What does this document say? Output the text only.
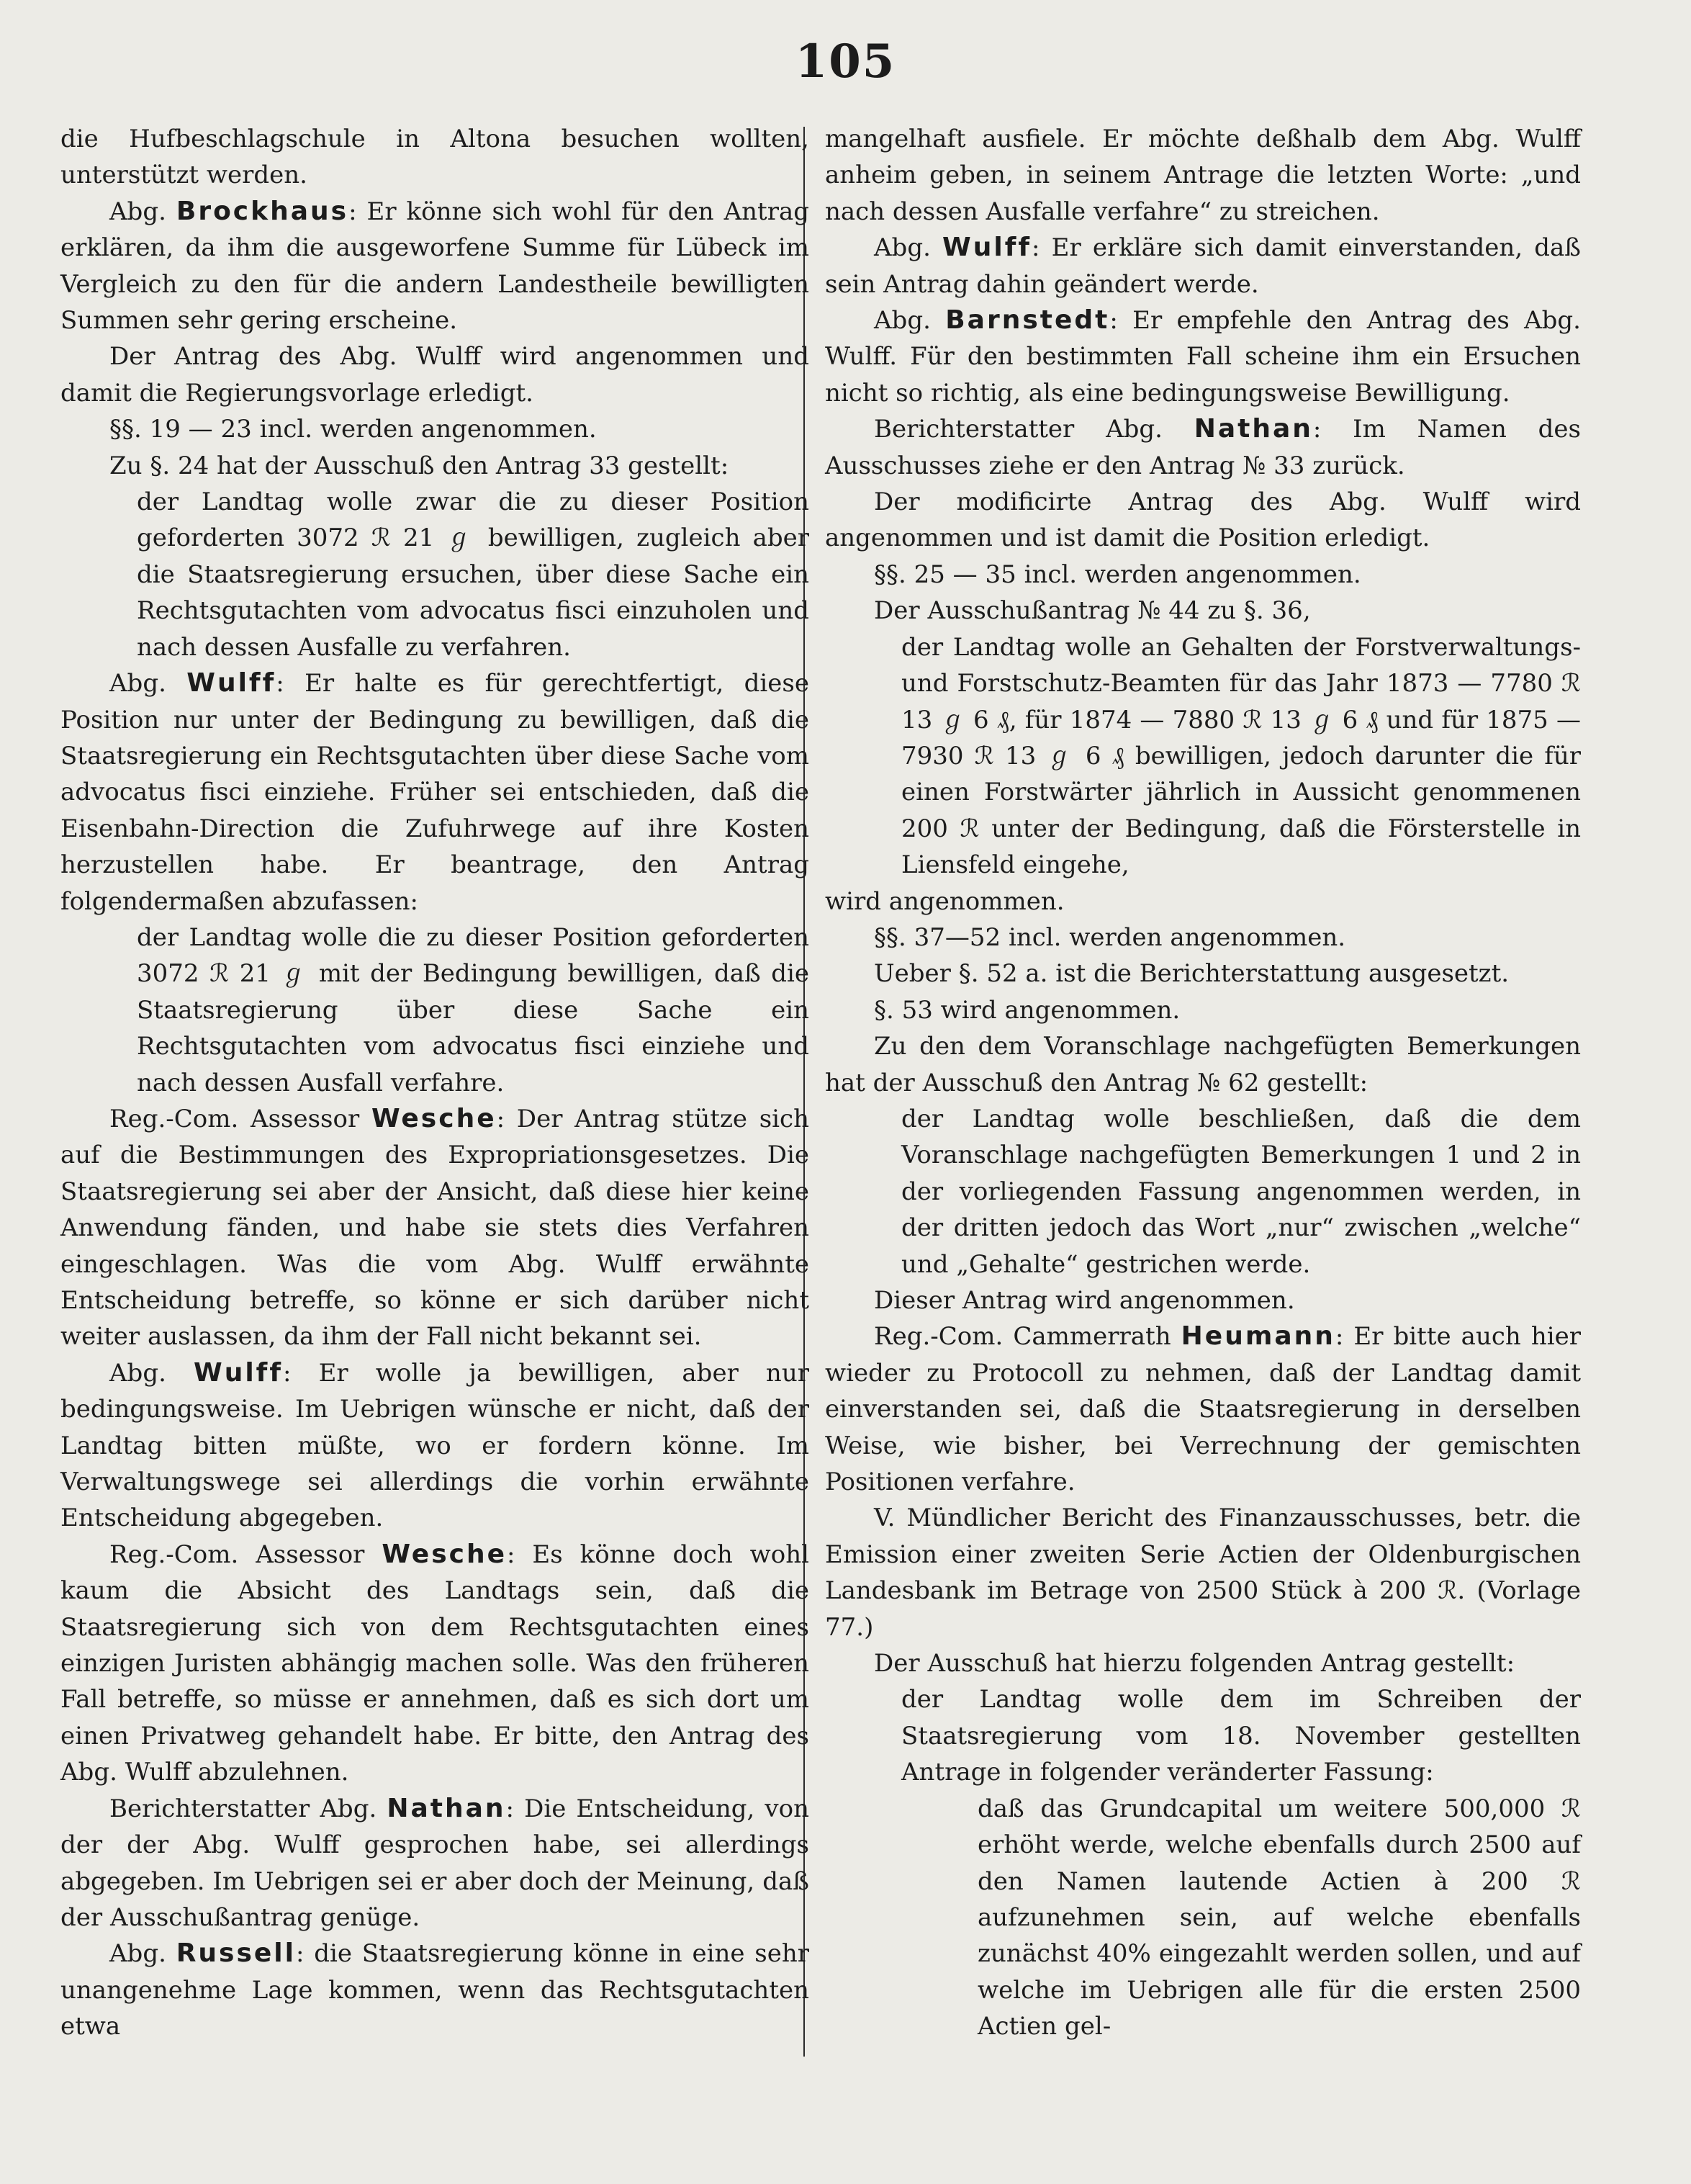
105

die Hufbeschlagschule in Altona besuchen wollten, unterstützt werden.

Abg. Brockhaus: Er könne sich wohl für den Antrag erklären, da ihm die ausgeworfene Summe für Lübeck im Vergleich zu den für die andern Landestheile bewilligten Summen sehr gering erscheine.

Der Antrag des Abg. Wulff wird angenommen und damit die Regierungsvorlage erledigt.

§§. 19 — 23 incl. werden angenommen.

Zu §. 24 hat der Ausschuß den Antrag 33 gestellt:

der Landtag wolle zwar die zu dieser Position geforderten 3072 ℛ 21 ℊ bewilligen, zugleich aber die Staatsregierung ersuchen, über diese Sache ein Rechtsgutachten vom advocatus fisci einzuholen und nach dessen Ausfalle zu verfahren.

Abg. Wulff: Er halte es für gerechtfertigt, diese Position nur unter der Bedingung zu bewilligen, daß die Staatsregierung ein Rechtsgutachten über diese Sache vom advocatus fisci einziehe. Früher sei entschieden, daß die Eisenbahn-Direction die Zufuhrwege auf ihre Kosten herzustellen habe. Er beantrage, den Antrag folgendermaßen abzufassen:

der Landtag wolle die zu dieser Position geforderten 3072 ℛ 21 ℊ mit der Bedingung bewilligen, daß die Staatsregierung über diese Sache ein Rechtsgutachten vom advocatus fisci einziehe und nach dessen Ausfall verfahre.

Reg.-Com. Assessor Wesche: Der Antrag stütze sich auf die Bestimmungen des Expropriationsgesetzes. Die Staatsregierung sei aber der Ansicht, daß diese hier keine Anwendung fänden, und habe sie stets dies Verfahren eingeschlagen. Was die vom Abg. Wulff erwähnte Entscheidung betreffe, so könne er sich darüber nicht weiter auslassen, da ihm der Fall nicht bekannt sei.

Abg. Wulff: Er wolle ja bewilligen, aber nur bedingungsweise. Im Uebrigen wünsche er nicht, daß der Landtag bitten müßte, wo er fordern könne. Im Verwaltungswege sei allerdings die vorhin erwähnte Entscheidung abgegeben.

Reg.-Com. Assessor Wesche: Es könne doch wohl kaum die Absicht des Landtags sein, daß die Staatsregierung sich von dem Rechtsgutachten eines einzigen Juristen abhängig machen solle. Was den früheren Fall betreffe, so müsse er annehmen, daß es sich dort um einen Privatweg gehandelt habe. Er bitte, den Antrag des Abg. Wulff abzulehnen.

Berichterstatter Abg. Nathan: Die Entscheidung, von der der Abg. Wulff gesprochen habe, sei allerdings abgegeben. Im Uebrigen sei er aber doch der Meinung, daß der Ausschußantrag genüge.

Abg. Russell: die Staatsregierung könne in eine sehr unangenehme Lage kommen, wenn das Rechtsgutachten etwa

mangelhaft ausfiele. Er möchte deßhalb dem Abg. Wulff anheim geben, in seinem Antrage die letzten Worte: „und nach dessen Ausfalle verfahre“ zu streichen.

Abg. Wulff: Er erkläre sich damit einverstanden, daß sein Antrag dahin geändert werde.

Abg. Barnstedt: Er empfehle den Antrag des Abg. Wulff. Für den bestimmten Fall scheine ihm ein Ersuchen nicht so richtig, als eine bedingungsweise Bewilligung.

Berichterstatter Abg. Nathan: Im Namen des Ausschusses ziehe er den Antrag № 33 zurück.

Der modificirte Antrag des Abg. Wulff wird angenommen und ist damit die Position erledigt.

§§. 25 — 35 incl. werden angenommen.

Der Ausschußantrag № 44 zu §. 36,

der Landtag wolle an Gehalten der Forstverwaltungs- und Forstschutz-Beamten für das Jahr 1873 — 7780 ℛ 13 ℊ 6 ₰, für 1874 — 7880 ℛ 13 ℊ 6 ₰ und für 1875 — 7930 ℛ 13 ℊ 6 ₰ bewilligen, jedoch darunter die für einen Forstwärter jährlich in Aussicht genommenen 200 ℛ unter der Bedingung, daß die Försterstelle in Liensfeld eingehe,

wird angenommen.

§§. 37—52 incl. werden angenommen.

Ueber §. 52 a. ist die Berichterstattung ausgesetzt.

§. 53 wird angenommen.

Zu den dem Voranschlage nachgefügten Bemerkungen hat der Ausschuß den Antrag № 62 gestellt:

der Landtag wolle beschließen, daß die dem Voranschlage nachgefügten Bemerkungen 1 und 2 in der vorliegenden Fassung angenommen werden, in der dritten jedoch das Wort „nur“ zwischen „welche“ und „Gehalte“ gestrichen werde.

Dieser Antrag wird angenommen.

Reg.-Com. Cammerrath Heumann: Er bitte auch hier wieder zu Protocoll zu nehmen, daß der Landtag damit einverstanden sei, daß die Staatsregierung in derselben Weise, wie bisher, bei Verrechnung der gemischten Positionen verfahre.

V. Mündlicher Bericht des Finanzausschusses, betr. die Emission einer zweiten Serie Actien der Oldenburgischen Landesbank im Betrage von 2500 Stück à 200 ℛ. (Vorlage 77.)

Der Ausschuß hat hierzu folgenden Antrag gestellt:

der Landtag wolle dem im Schreiben der Staatsregierung vom 18. November gestellten Antrage in folgender veränderter Fassung:

daß das Grundcapital um weitere 500,000 ℛ erhöht werde, welche ebenfalls durch 2500 auf den Namen lautende Actien à 200 ℛ aufzunehmen sein, auf welche ebenfalls zunächst 40% eingezahlt werden sollen, und auf welche im Uebrigen alle für die ersten 2500 Actien gel-
